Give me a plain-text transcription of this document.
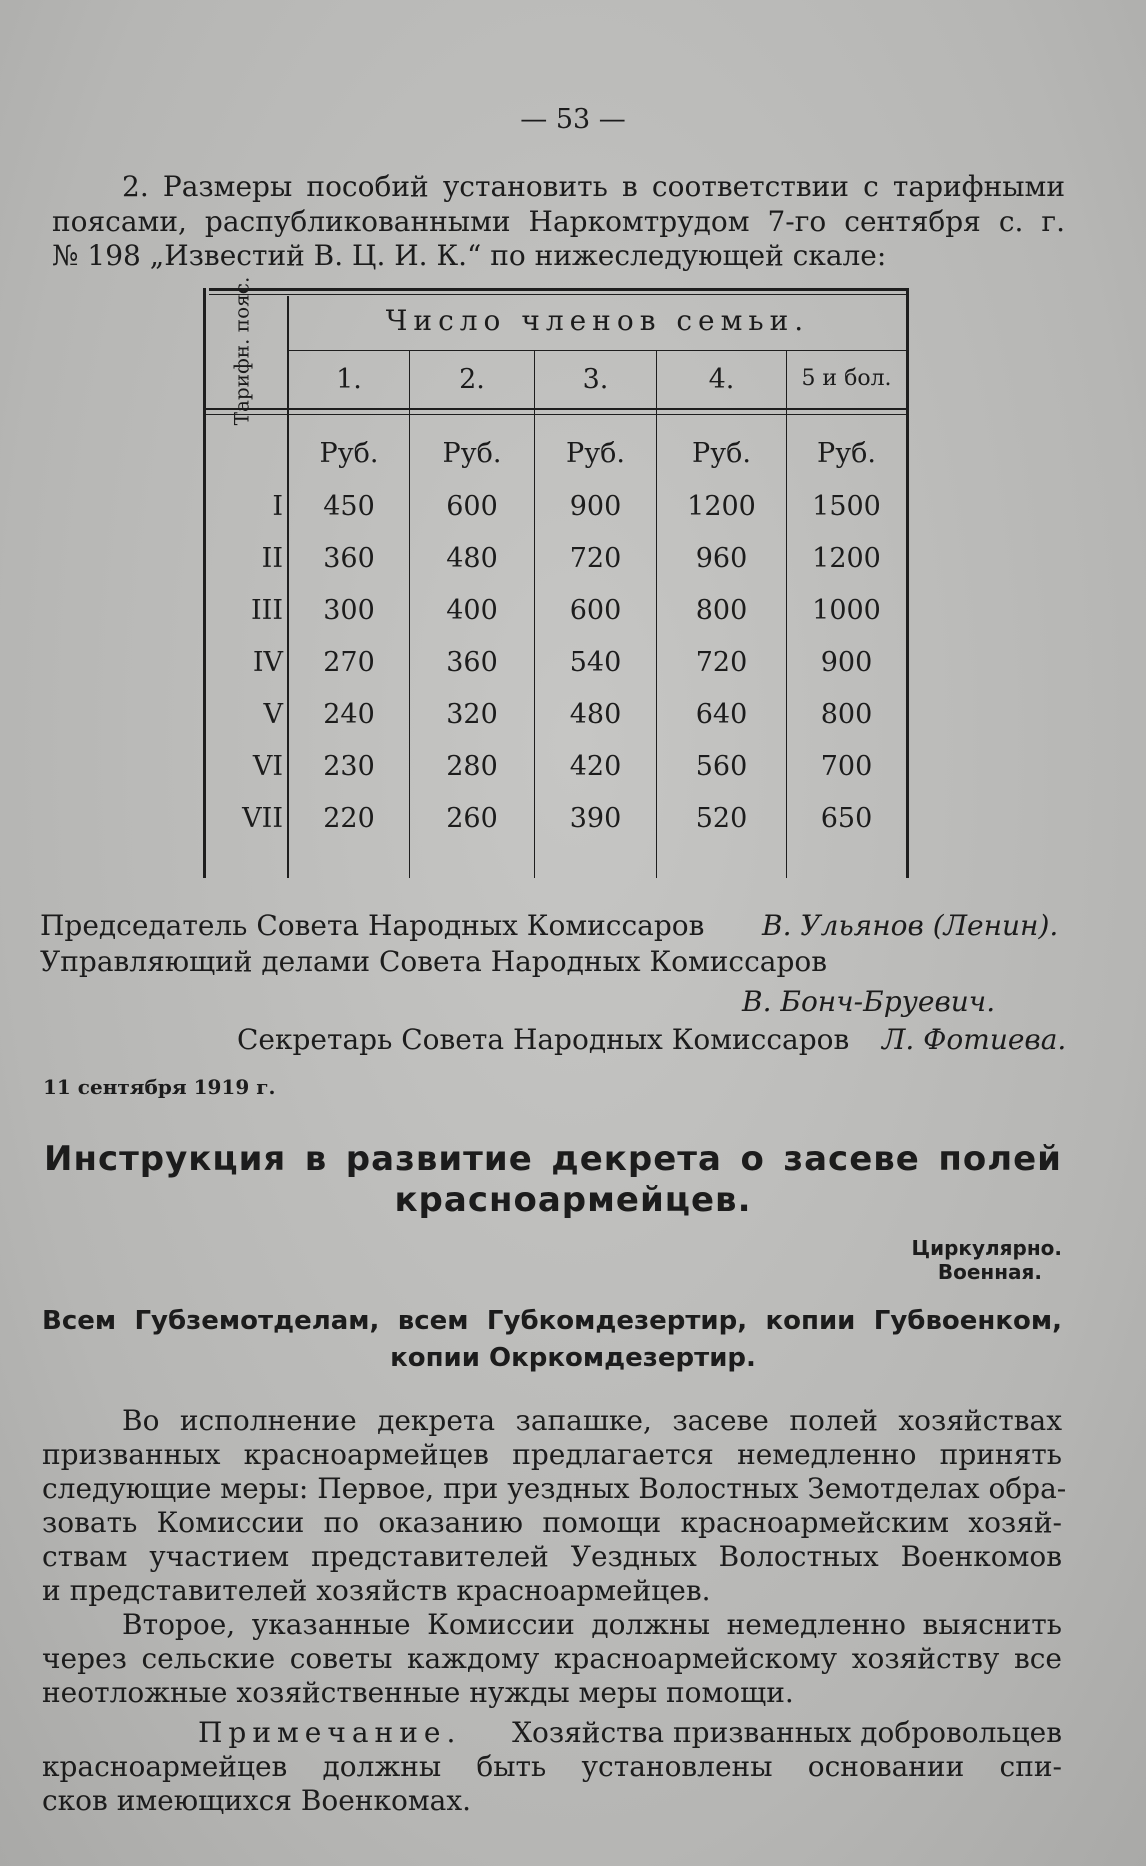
— 53 —
2. Размеры пособий установить в соответствии с тарифными
поясами, распубликованными Наркомтрудом 7-го сентября с. г.
№ 198 „Известий В. Ц. И. К.“ по нижеследующей скале:
Тарифн. пояс.	Число членов семьи.
1.	2.	3.	4.	5 и бол.
Руб.	Руб.	Руб.	Руб.	Руб.
I	450	600	900	1200	1500
II	360	480	720	960	1200
III	300	400	600	800	1000
IV	270	360	540	720	900
V	240	320	480	640	800
VI	230	280	420	560	700
VII	220	260	390	520	650
Председатель Совета Народных Комиссаров В. Ульянов (Ленин).
Управляющий делами Совета Народных Комиссаров
В. Бонч-Бруевич.
Секретарь Совета Народных Комиссаров Л. Фотиева.
11 сентября 1919 г.
Инструкция в развитие декрета о засеве полей
красноармейцев.
Циркулярно.
Военная.
Всем Губземотделам, всем Губкомдезертир, копии Губвоенком,
копии Окркомдезертир.
Во исполнение декрета запашке, засеве полей хозяйствах
призванных красноармейцев предлагается немедленно принять
следующие меры: Первое, при уездных Волостных Земотделах обра-
зовать Комиссии по оказанию помощи красноармейским хозяй-
ствам участием представителей Уездных Волостных Военкомов
и представителей хозяйств красноармейцев.
Второе, указанные Комиссии должны немедленно выяснить
через сельские советы каждому красноармейскому хозяйству все
неотложные хозяйственные нужды меры помощи.
Примечание. Хозяйства призванных добровольцев
красноармейцев должны быть установлены основании спи-
сков имеющихся Военкомах.
